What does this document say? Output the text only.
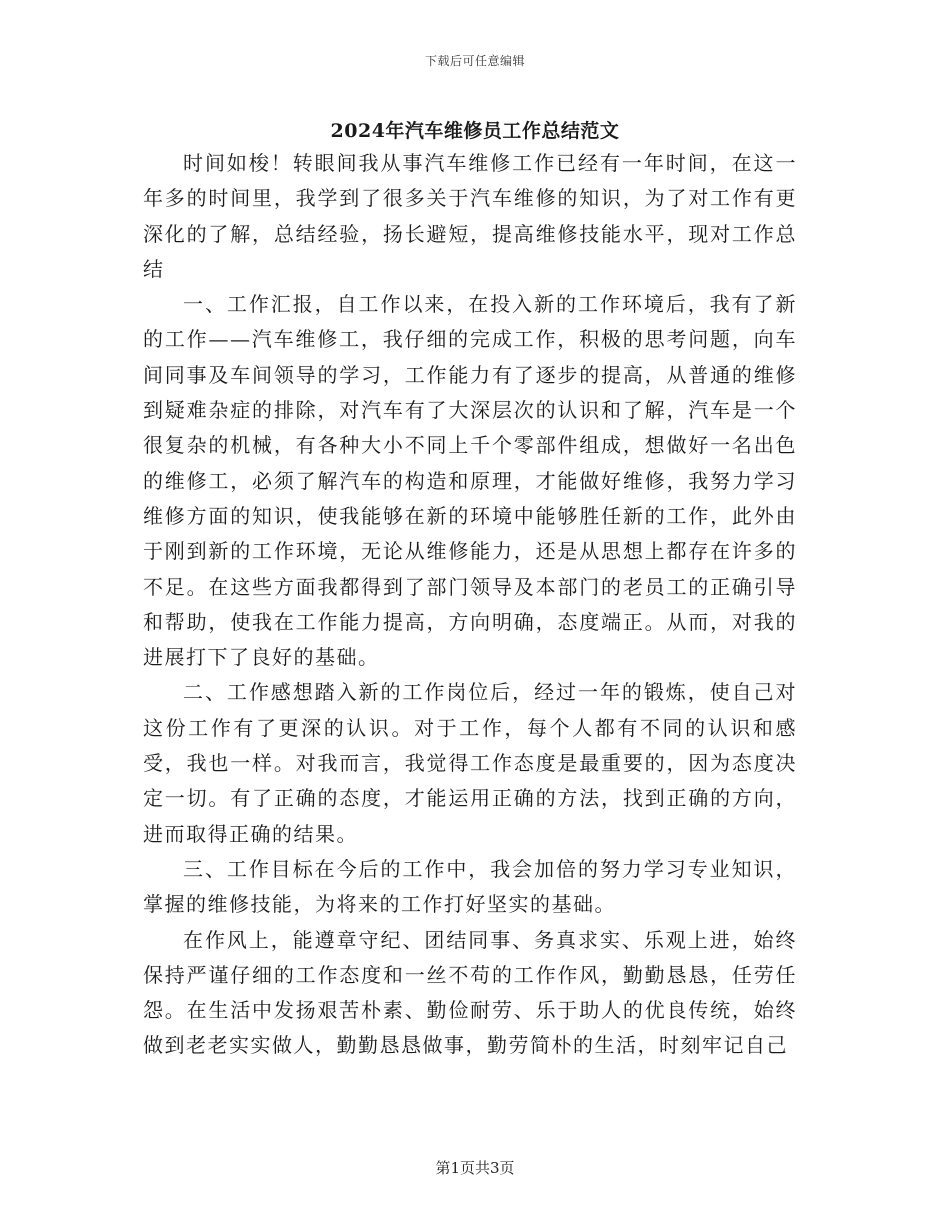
下载后可任意编辑
2024年汽车维修员工作总结范文

时间如梭！转眼间我从事汽车维修工作已经有一年时间，在这一年多的时间里，我学到了很多关于汽车维修的知识，为了对工作有更深化的了解，总结经验，扬长避短，提高维修技能水平，现对工作总结

一、工作汇报，自工作以来，在投入新的工作环境后，我有了新的工作——汽车维修工，我仔细的完成工作，积极的思考问题，向车间同事及车间领导的学习，工作能力有了逐步的提高，从普通的维修到疑难杂症的排除，对汽车有了大深层次的认识和了解，汽车是一个很复杂的机械，有各种大小不同上千个零部件组成，想做好一名出色的维修工，必须了解汽车的构造和原理，才能做好维修，我努力学习维修方面的知识，使我能够在新的环境中能够胜任新的工作，此外由于刚到新的工作环境，无论从维修能力，还是从思想上都存在许多的不足。在这些方面我都得到了部门领导及本部门的老员工的正确引导和帮助，使我在工作能力提高，方向明确，态度端正。从而，对我的进展打下了良好的基础。

二、工作感想踏入新的工作岗位后，经过一年的锻炼，使自己对这份工作有了更深的认识。对于工作，每个人都有不同的认识和感受，我也一样。对我而言，我觉得工作态度是最重要的，因为态度决定一切。有了正确的态度，才能运用正确的方法，找到正确的方向，进而取得正确的结果。

三、工作目标在今后的工作中，我会加倍的努力学习专业知识，掌握的维修技能，为将来的工作打好坚实的基础。

在作风上，能遵章守纪、团结同事、务真求实、乐观上进，始终保持严谨仔细的工作态度和一丝不苟的工作作风，勤勤恳恳，任劳任怨。在生活中发扬艰苦朴素、勤俭耐劳、乐于助人的优良传统，始终做到老老实实做人，勤勤恳恳做事，勤劳简朴的生活，时刻牢记自己

第1页共3页
